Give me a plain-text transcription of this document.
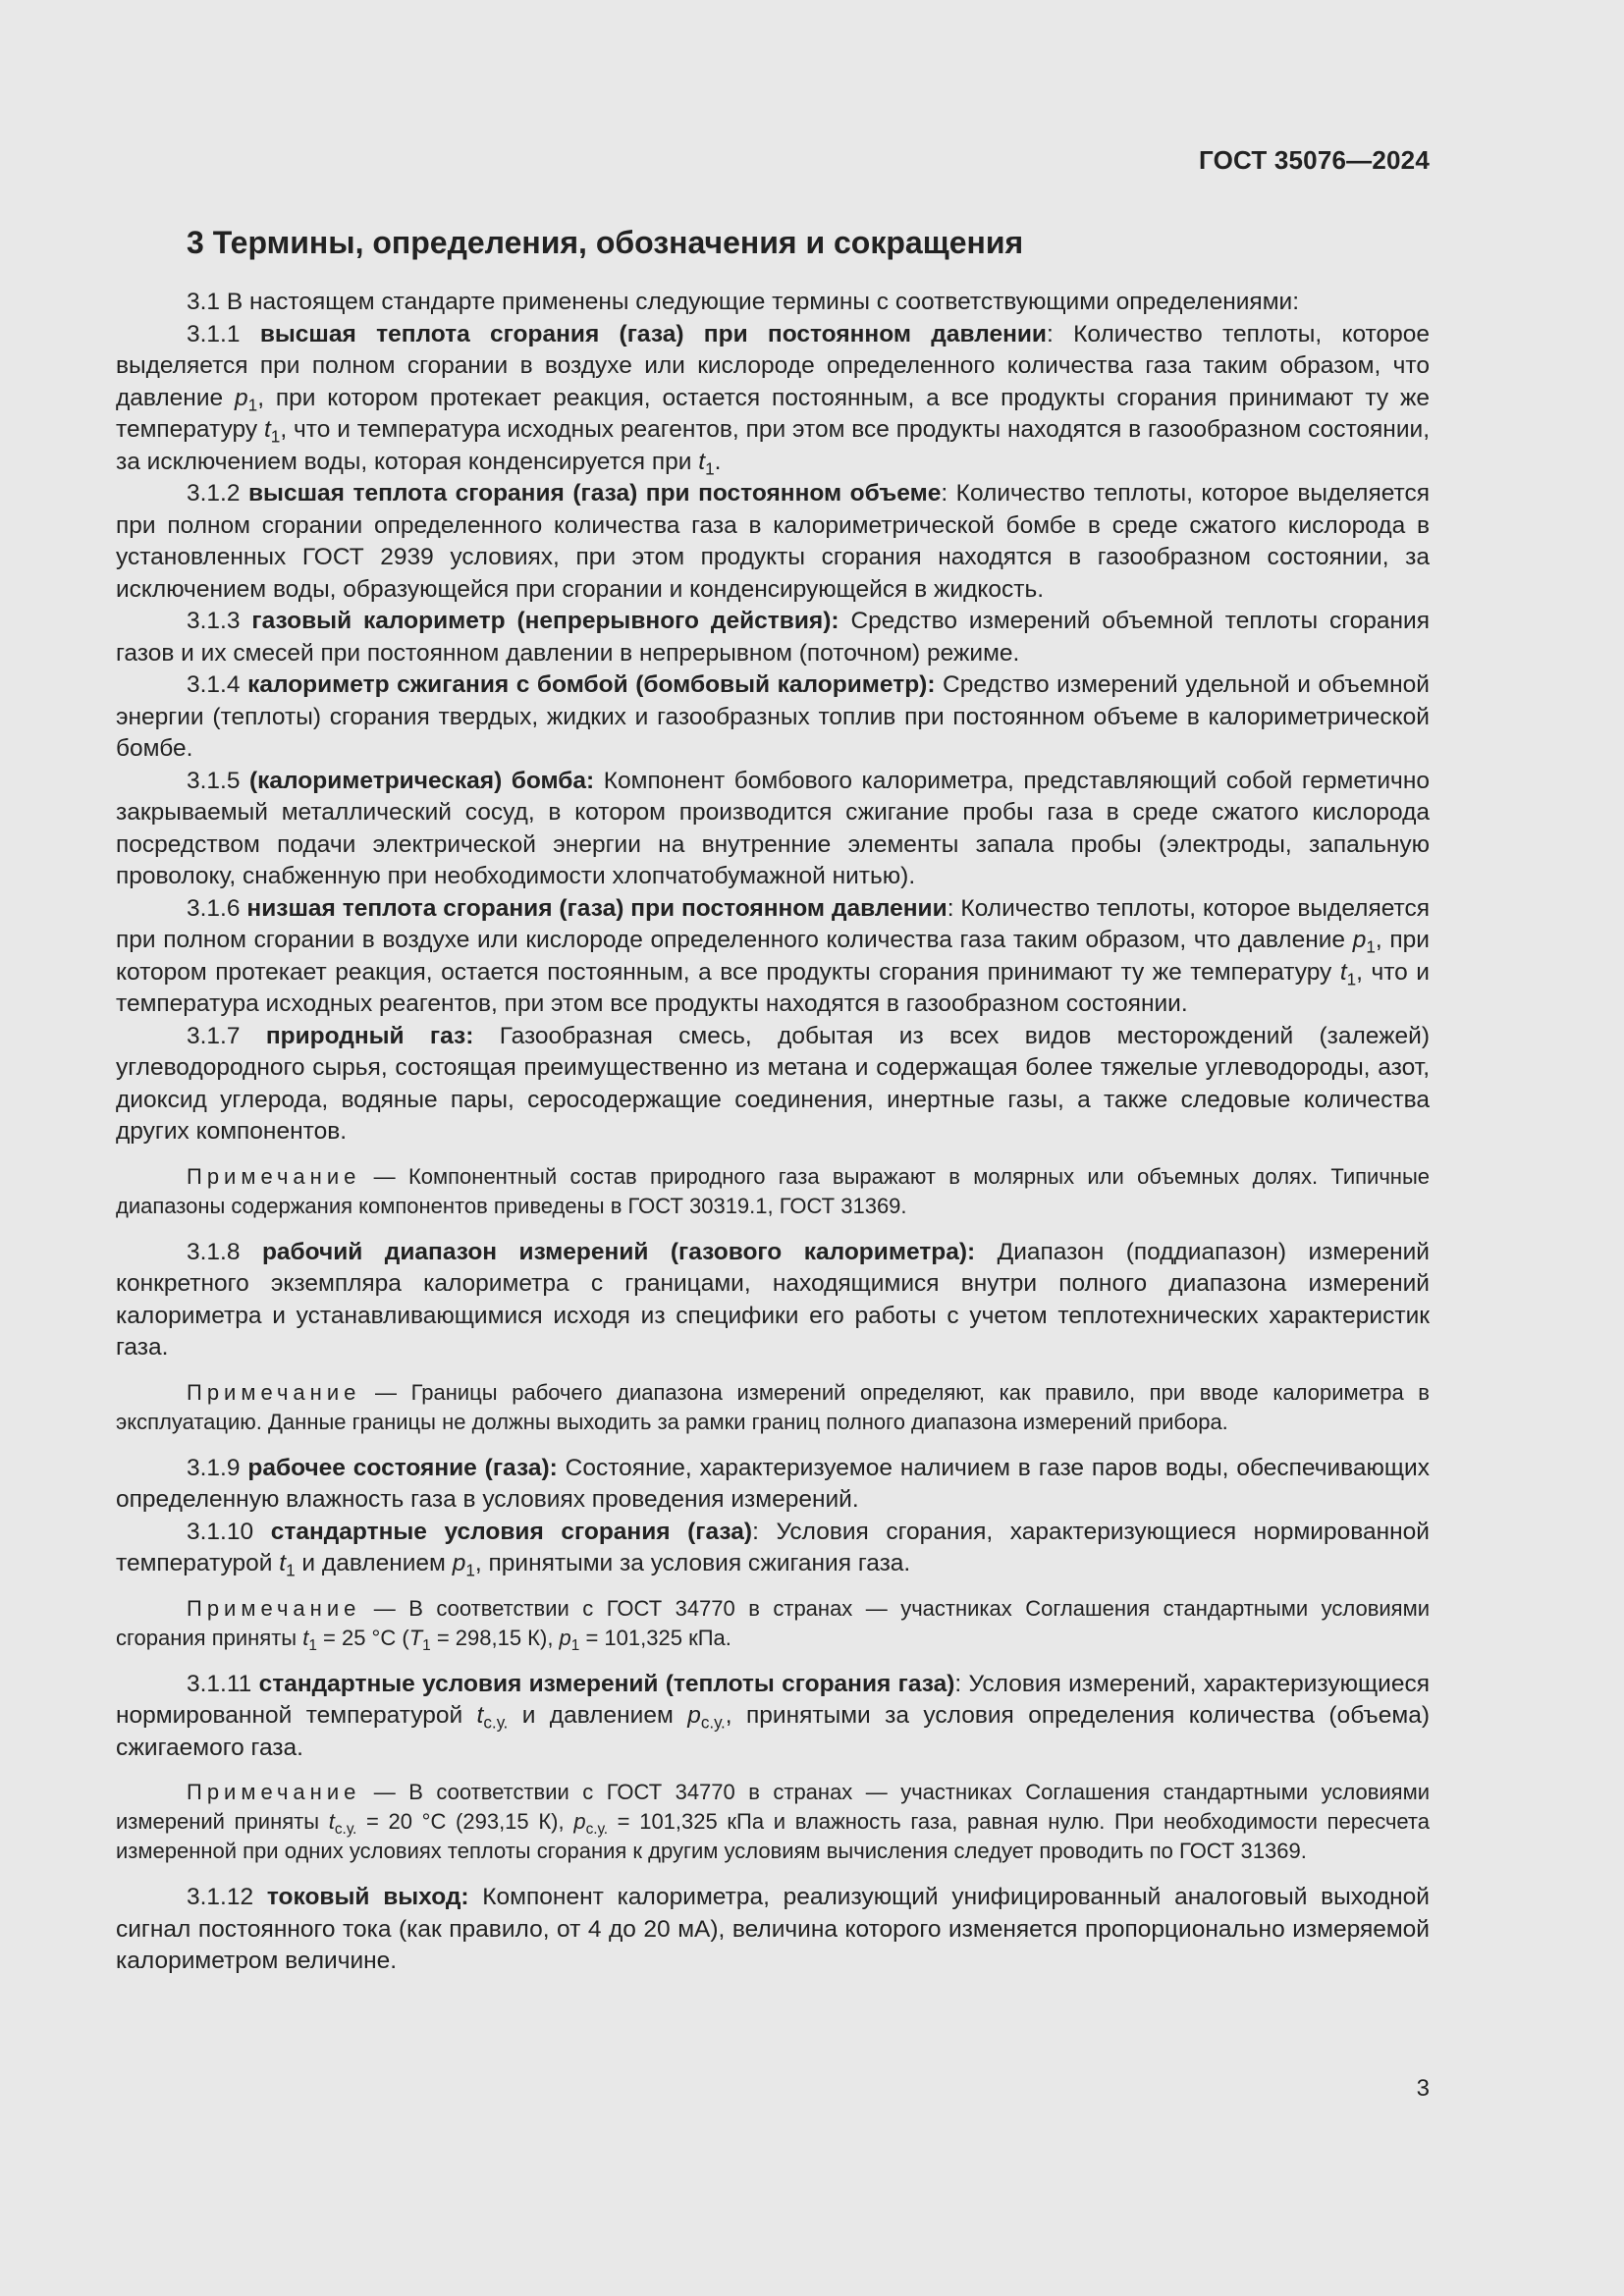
ГОСТ 35076—2024
3 Термины, определения, обозначения и сокращения

3.1 В настоящем стандарте применены следующие термины с соответствующими определениями:

3.1.1 высшая теплота сгорания (газа) при постоянном давлении: Количество теплоты, которое выделяется при полном сгорании в воздухе или кислороде определенного количества газа таким образом, что давление $p_1$, при котором протекает реакция, остается постоянным, а все продукты сгорания принимают ту же температуру $t_1$, что и температура исходных реагентов, при этом все продукты находятся в газообразном состоянии, за исключением воды, которая конденсируется при $t_1$.

3.1.2 высшая теплота сгорания (газа) при постоянном объеме: Количество теплоты, которое выделяется при полном сгорании определенного количества газа в калориметрической бомбе в среде сжатого кислорода в установленных ГОСТ 2939 условиях, при этом продукты сгорания находятся в газообразном состоянии, за исключением воды, образующейся при сгорании и конденсирующейся в жидкость.

3.1.3 газовый калориметр (непрерывного действия): Средство измерений объемной теплоты сгорания газов и их смесей при постоянном давлении в непрерывном (поточном) режиме.

3.1.4 калориметр сжигания с бомбой (бомбовый калориметр): Средство измерений удельной и объемной энергии (теплоты) сгорания твердых, жидких и газообразных топлив при постоянном объеме в калориметрической бомбе.

3.1.5 (калориметрическая) бомба: Компонент бомбового калориметра, представляющий собой герметично закрываемый металлический сосуд, в котором производится сжигание пробы газа в среде сжатого кислорода посредством подачи электрической энергии на внутренние элементы запала пробы (электроды, запальную проволоку, снабженную при необходимости хлопчатобумажной нитью).

3.1.6 низшая теплота сгорания (газа) при постоянном давлении: Количество теплоты, которое выделяется при полном сгорании в воздухе или кислороде определенного количества газа таким образом, что давление $p_1$, при котором протекает реакция, остается постоянным, а все продукты сгорания принимают ту же температуру $t_1$, что и температура исходных реагентов, при этом все продукты находятся в газообразном состоянии.

3.1.7 природный газ: Газообразная смесь, добытая из всех видов месторождений (залежей) углеводородного сырья, состоящая преимущественно из метана и содержащая более тяжелые углеводороды, азот, диоксид углерода, водяные пары, серосодержащие соединения, инертные газы, а также следовые количества других компонентов.

Примечание — Компонентный состав природного газа выражают в молярных или объемных долях. Типичные диапазоны содержания компонентов приведены в ГОСТ 30319.1, ГОСТ 31369.

3.1.8 рабочий диапазон измерений (газового калориметра): Диапазон (поддиапазон) измерений конкретного экземпляра калориметра с границами, находящимися внутри полного диапазона измерений калориметра и устанавливающимися исходя из специфики его работы с учетом теплотехнических характеристик газа.

Примечание — Границы рабочего диапазона измерений определяют, как правило, при вводе калориметра в эксплуатацию. Данные границы не должны выходить за рамки границ полного диапазона измерений прибора.

3.1.9 рабочее состояние (газа): Состояние, характеризуемое наличием в газе паров воды, обеспечивающих определенную влажность газа в условиях проведения измерений.

3.1.10 стандартные условия сгорания (газа): Условия сгорания, характеризующиеся нормированной температурой $t_1$ и давлением $p_1$, принятыми за условия сжигания газа.

Примечание — В соответствии с ГОСТ 34770 в странах — участниках Соглашения стандартными условиями сгорания приняты $t_1 = 25$ °С ($T_1 = 298,15$ К), $p_1 = 101,325$ кПа.

3.1.11 стандартные условия измерений (теплоты сгорания газа): Условия измерений, характеризующиеся нормированной температурой $t_{с.у.}$ и давлением $p_{с.у.}$, принятыми за условия определения количества (объема) сжигаемого газа.

Примечание — В соответствии с ГОСТ 34770 в странах — участниках Соглашения стандартными условиями измерений приняты $t_{с.у.} = 20$ °С (293,15 К), $p_{с.у.} = 101,325$ кПа и влажность газа, равная нулю. При необходимости пересчета измеренной при одних условиях теплоты сгорания к другим условиям вычисления следует проводить по ГОСТ 31369.

3.1.12 токовый выход: Компонент калориметра, реализующий унифицированный аналоговый выходной сигнал постоянного тока (как правило, от 4 до 20 мА), величина которого изменяется пропорционально измеряемой калориметром величине.

3
